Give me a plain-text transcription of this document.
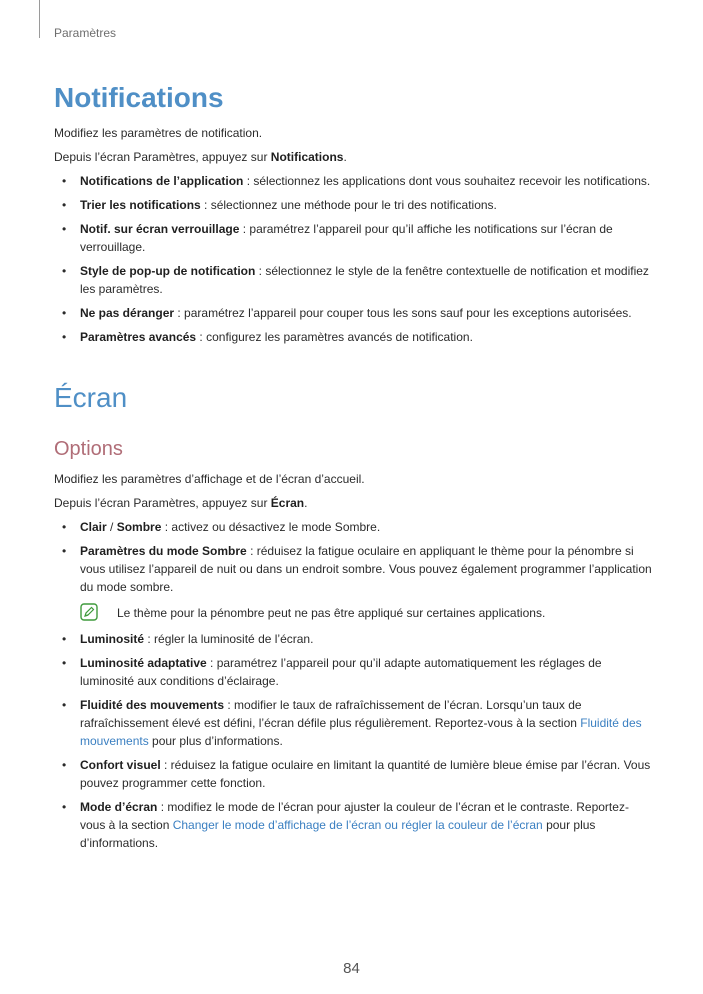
Paramètres
Notifications

Modifiez les paramètres de notification.

Depuis l’écran Paramètres, appuyez sur Notifications.

• Notifications de l’application : sélectionnez les applications dont vous souhaitez recevoir les notifications.
• Trier les notifications : sélectionnez une méthode pour le tri des notifications.
• Notif. sur écran verrouillage : paramétrez l’appareil pour qu’il affiche les notifications sur l’écran de verrouillage.
• Style de pop-up de notification : sélectionnez le style de la fenêtre contextuelle de notification et modifiez les paramètres.
• Ne pas déranger : paramétrez l’appareil pour couper tous les sons sauf pour les exceptions autorisées.
• Paramètres avancés : configurez les paramètres avancés de notification.
Écran
Options

Modifiez les paramètres d’affichage et de l’écran d’accueil.

Depuis l’écran Paramètres, appuyez sur Écran.

• Clair / Sombre : activez ou désactivez le mode Sombre.
• Paramètres du mode Sombre : réduisez la fatigue oculaire en appliquant le thème pour la pénombre si vous utilisez l’appareil de nuit ou dans un endroit sombre. Vous pouvez également programmer l’application du mode sombre.
Le thème pour la pénombre peut ne pas être appliqué sur certaines applications.
• Luminosité : régler la luminosité de l’écran.
• Luminosité adaptative : paramétrez l’appareil pour qu’il adapte automatiquement les réglages de luminosité aux conditions d’éclairage.
• Fluidité des mouvements : modifier le taux de rafraîchissement de l’écran. Lorsqu’un taux de rafraîchissement élevé est défini, l’écran défile plus régulièrement. Reportez-vous à la section Fluidité des mouvements pour plus d’informations.
• Confort visuel : réduisez la fatigue oculaire en limitant la quantité de lumière bleue émise par l’écran. Vous pouvez programmer cette fonction.
• Mode d’écran : modifiez le mode de l’écran pour ajuster la couleur de l’écran et le contraste. Reportez-vous à la section Changer le mode d’affichage de l’écran ou régler la couleur de l’écran pour plus d’informations.
84
